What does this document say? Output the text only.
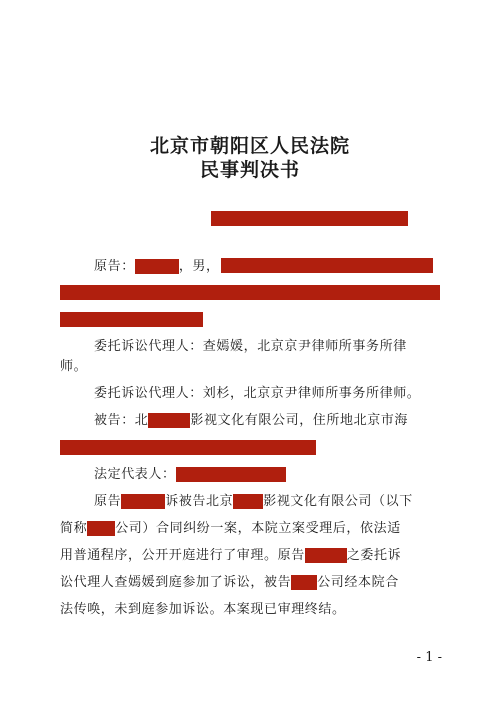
北京市朝阳区人民法院
民事判决书
原告：	，男，
委托诉讼代理人：查嫣媛，北京京尹律师所事务所律
师。
委托诉讼代理人：刘杉，北京京尹律师所事务所律师。
被告：北	影视文化有限公司，住所地北京市海
法定代表人：
原告	诉被告北京 影视文化有限公司（以下
简称 公司）合同纠纷一案，本院立案受理后，依法适
用普通程序，公开开庭进行了审理。原告	之委托诉
讼代理人查嫣媛到庭参加了诉讼，被告 公司经本院合
法传唤，未到庭参加诉讼。本案现已审理终结。
- 1 -
